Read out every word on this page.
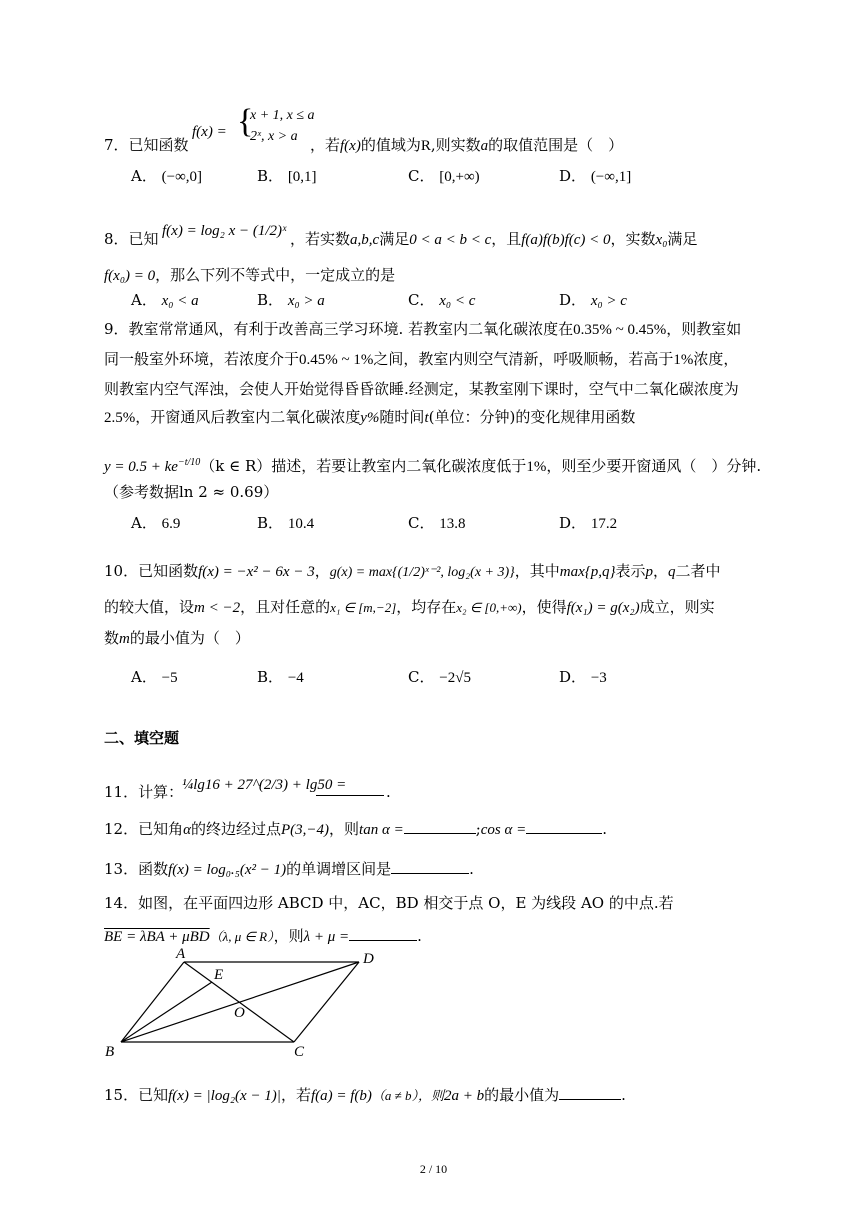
7．已知函数
f(x) = {
x + 1, x ≤ a
2ˣ, x > a ，若f(x)的值域为R,则实数a的取值范围是（　）
A． (−∞,0]	B． [0,1]	C． [0,+∞)	D． (−∞,1]
8．已知 f(x) = log₂ x − (1/2)ˣ ，若实数a,b,c满足0 < a < b < c，且f(a)f(b)f(c) < 0，实数x₀满足
f(x₀) = 0，那么下列不等式中，一定成立的是
A． x₀ < a	B． x₀ > a	C． x₀ < c	D． x₀ > c
9．教室常常通风，有利于改善高三学习环境. 若教室内二氧化碳浓度在0.35% ~ 0.45%，则教室如
同一般室外环境，若浓度介于0.45% ~ 1%之间，教室内则空气清新，呼吸顺畅，若高于1%浓度，
则教室内空气浑浊，会使人开始觉得昏昏欲睡.经测定，某教室刚下课时，空气中二氧化碳浓度为
2.5%，开窗通风后教室内二氧化碳浓度y%随时间t(单位：分钟)的变化规律用函数
$y = 0.5 + ke^{-t/10}(k$ ∈ R）描述，若要让教室内二氧化碳浓度低于1%，则至少要开窗通风（　）分钟.
（参考数据ln 2 ≈ 0.69）
A． 6.9	B． 10.4	C． 13.8	D． 17.2
10．已知函数f(x) = −x² − 6x − 3，g(x) = max{(1/2)ˣ⁻², log₂(x + 3)}，其中max{p,q}表示p，q二者中
的较大值，设m < −2，且对任意的x₁ ∈ [m,−2]，均存在x₂ ∈ [0,+∞)，使得f(x₁) = g(x₂)成立，则实
数m的最小值为（　）
A． −5	B． −4	C． −2√5	D． −3
二、填空题
11．计算：
¼lg16 + 27^(2/3) + lg50 =	.
12．已知角α的终边经过点P(3,−4)，则tan α =	;cos α =	.
13．函数f(x) = log₀.₅(x² − 1)的单调增区间是	.
14．如图，在平面四边形 ABCD 中，AC，BD 相交于点 O，E 为线段 AO 的中点.若
BE = λBA + μBD（λ, μ ∈ R），则λ + μ =	.
A
E
D
O
B	C
15．已知f(x) = |log₂(x − 1)|，若f(a) = f(b)（a ≠ b），则2a + b的最小值为	.
2 / 10
